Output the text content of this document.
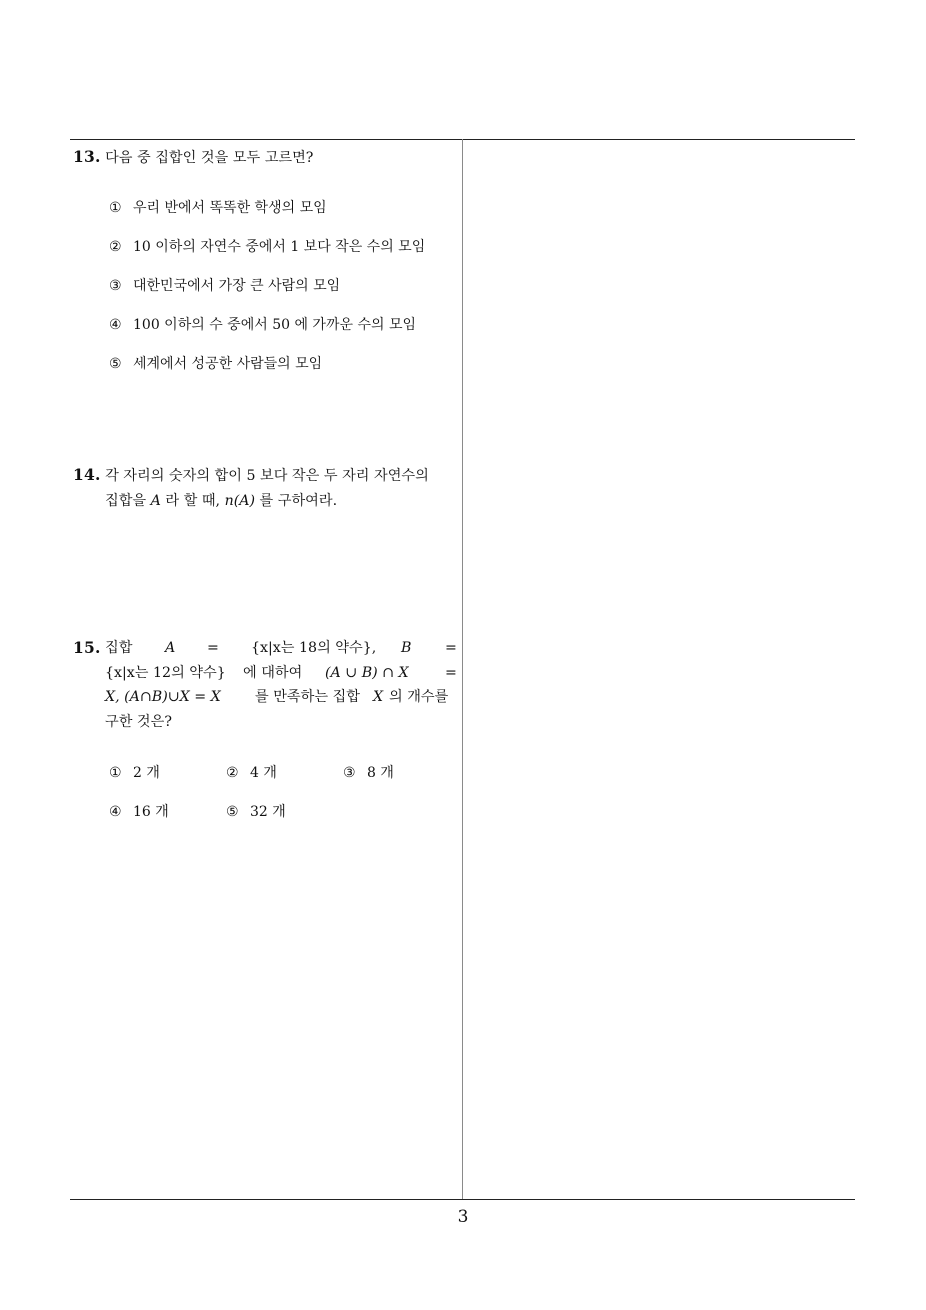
13. 다음 중 집합인 것을 모두 고르면?
① 우리 반에서 똑똑한 학생의 모임
② 10 이하의 자연수 중에서 1 보다 작은 수의 모임
③ 대한민국에서 가장 큰 사람의 모임
④ 100 이하의 수 중에서 50 에 가까운 수의 모임
⑤ 세계에서 성공한 사람들의 모임
14. 각 자리의 숫자의 합이 5 보다 작은 두 자리 자연수의
집합을 A 라 할 때, n(A) 를 구하여라.
15. 집합 A = {x|x는 18의 약수}, B =
{x|x는 12의 약수} 에 대하여 (A ∪ B) ∩ X	=
X, (A∩B)∪X = X 를 만족하는 집합 X 의 개수를
구한 것은?
① 2 개	② 4 개	③ 8 개
④ 16 개	⑤ 32 개
3
